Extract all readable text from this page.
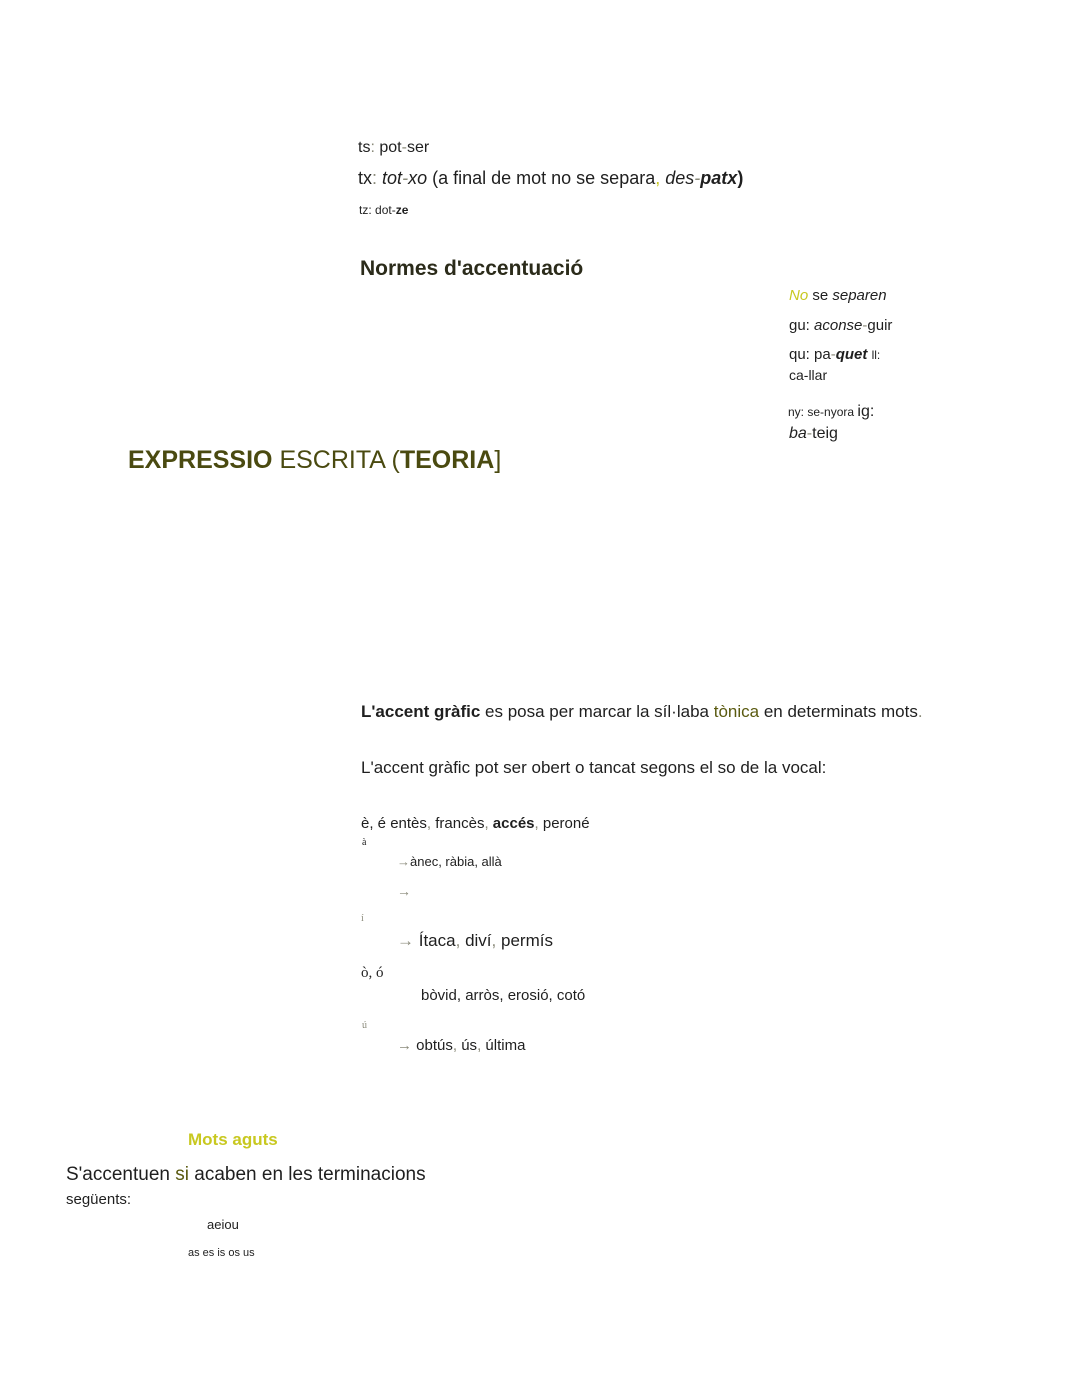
ts: pot-ser
tx: tot-xo (a final de mot no se separa, des-patx)
tz: dot-ze
Normes d'accentuació
No se separen
gu: aconse-guir
qu: pa-quet ll:
ca-llar
ny: se-nyora ig:
ba-teig
EXPRESSIO ESCRITA (TEORIA]
L'accent gràfic es posa per marcar la síl·laba tònica en determinats mots.
L'accent gràfic pot ser obert o tancat segons el so de la vocal:
è, é entès, francès, accés, peroné
à
→ànec, ràbia, allà
→
í
→ Ítaca, diví, permís
ò, ó
bòvid, arròs, erosió, cotó
ú
→ obtús, ús, última
Mots aguts
S'accentuen si acaben en les terminacions
següents:
aeiou
as es is os us
